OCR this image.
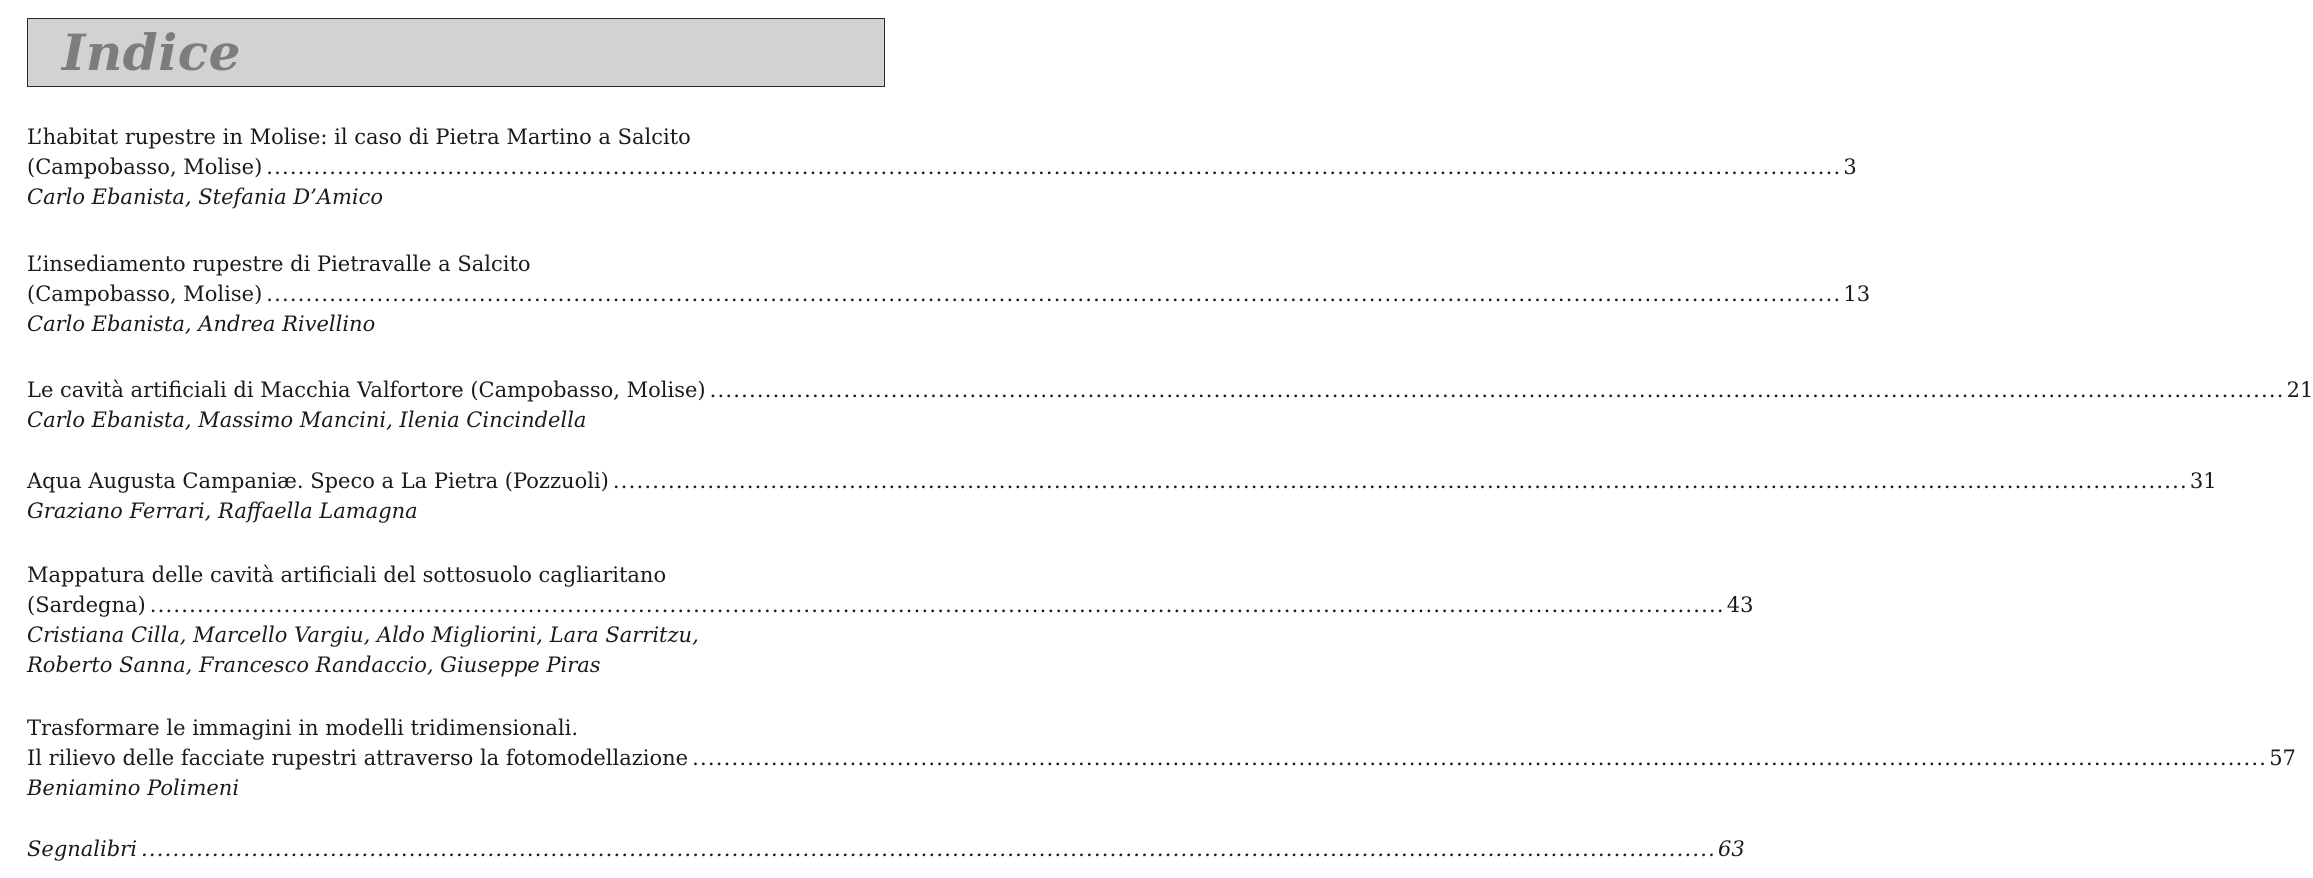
Indice
L’habitat rupestre in Molise: il caso di Pietra Martino a Salcito
(Campobasso, Molise) ........................................................................................................................................................................................................ 3
Carlo Ebanista, Stefania D’Amico
L’insediamento rupestre di Pietravalle a Salcito
(Campobasso, Molise) ........................................................................................................................................................................................................ 13
Carlo Ebanista, Andrea Rivellino
Le cavità artificiali di Macchia Valfortore (Campobasso, Molise) ........................................................................................................................................................................................................ 21
Carlo Ebanista, Massimo Mancini, Ilenia Cincindella
Aqua Augusta Campaniæ. Speco a La Pietra (Pozzuoli) ........................................................................................................................................................................................................ 31
Graziano Ferrari, Raffaella Lamagna
Mappatura delle cavità artificiali del sottosuolo cagliaritano
(Sardegna) ........................................................................................................................................................................................................ 43
Cristiana Cilla, Marcello Vargiu, Aldo Migliorini, Lara Sarritzu,
Roberto Sanna, Francesco Randaccio, Giuseppe Piras
Trasformare le immagini in modelli tridimensionali.
Il rilievo delle facciate rupestri attraverso la fotomodellazione ........................................................................................................................................................................................................ 57
Beniamino Polimeni
Segnalibri ........................................................................................................................................................................................................ 63
